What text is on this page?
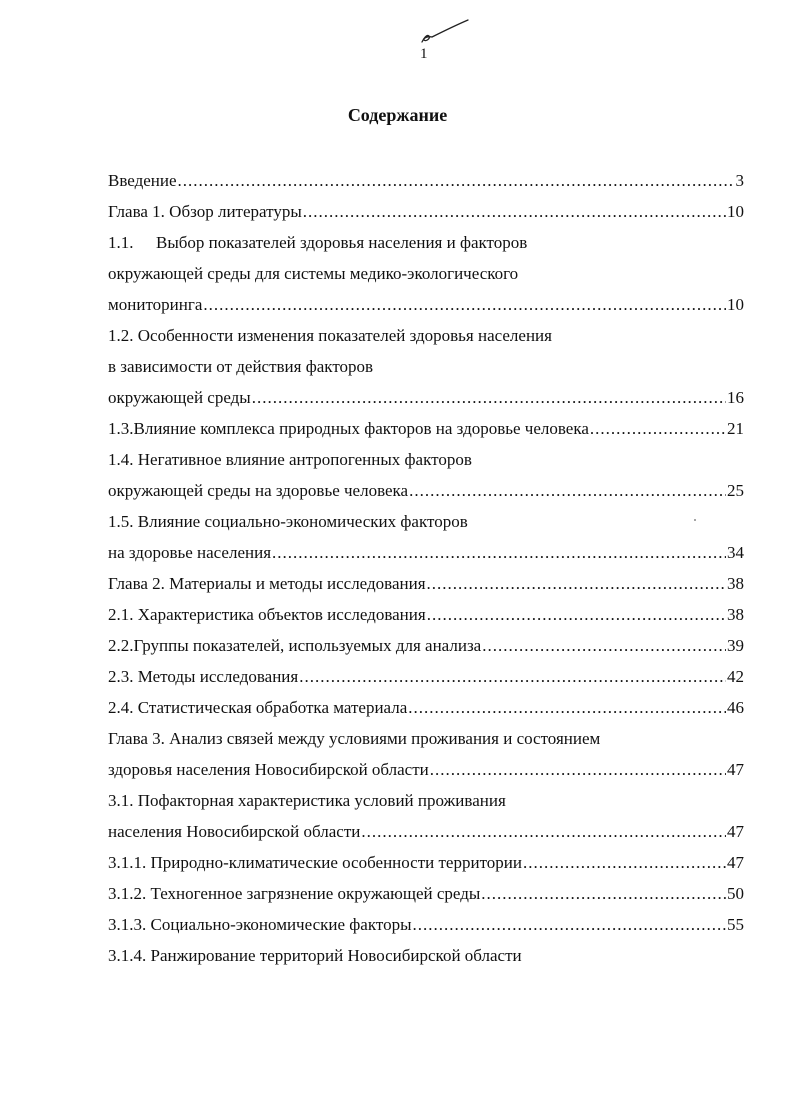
1
Содержание
Введение .....	3
Глава 1. Обзор литературы .....	10
1.1.	Выбор показателей здоровья населения и факторов
окружающей среды для системы медико-экологического
мониторинга .....	10
1.2. Особенности изменения показателей здоровья населения
в зависимости от действия факторов
окружающей среды .....	16
1.3.Влияние комплекса природных факторов на здоровье человека .....	21
1.4. Негативное влияние антропогенных факторов
окружающей среды на здоровье человека .....	25
1.5. Влияние социально-экономических факторов
на здоровье населения .....	34
Глава 2. Материалы и методы исследования .....	38
2.1. Характеристика объектов исследования .....	38
2.2.Группы показателей, используемых для анализа .....	39
2.3. Методы исследования .....	42
2.4. Статистическая обработка материала .....	46
Глава 3. Анализ связей между условиями проживания и состоянием
здоровья населения Новосибирской области .....	47
3.1. Пофакторная характеристика условий проживания
населения Новосибирской области .....	47
3.1.1. Природно-климатические особенности территории .....	47
3.1.2. Техногенное загрязнение окружающей среды .....	50
3.1.3. Социально-экономические факторы .....	55
3.1.4. Ранжирование территорий Новосибирской области
